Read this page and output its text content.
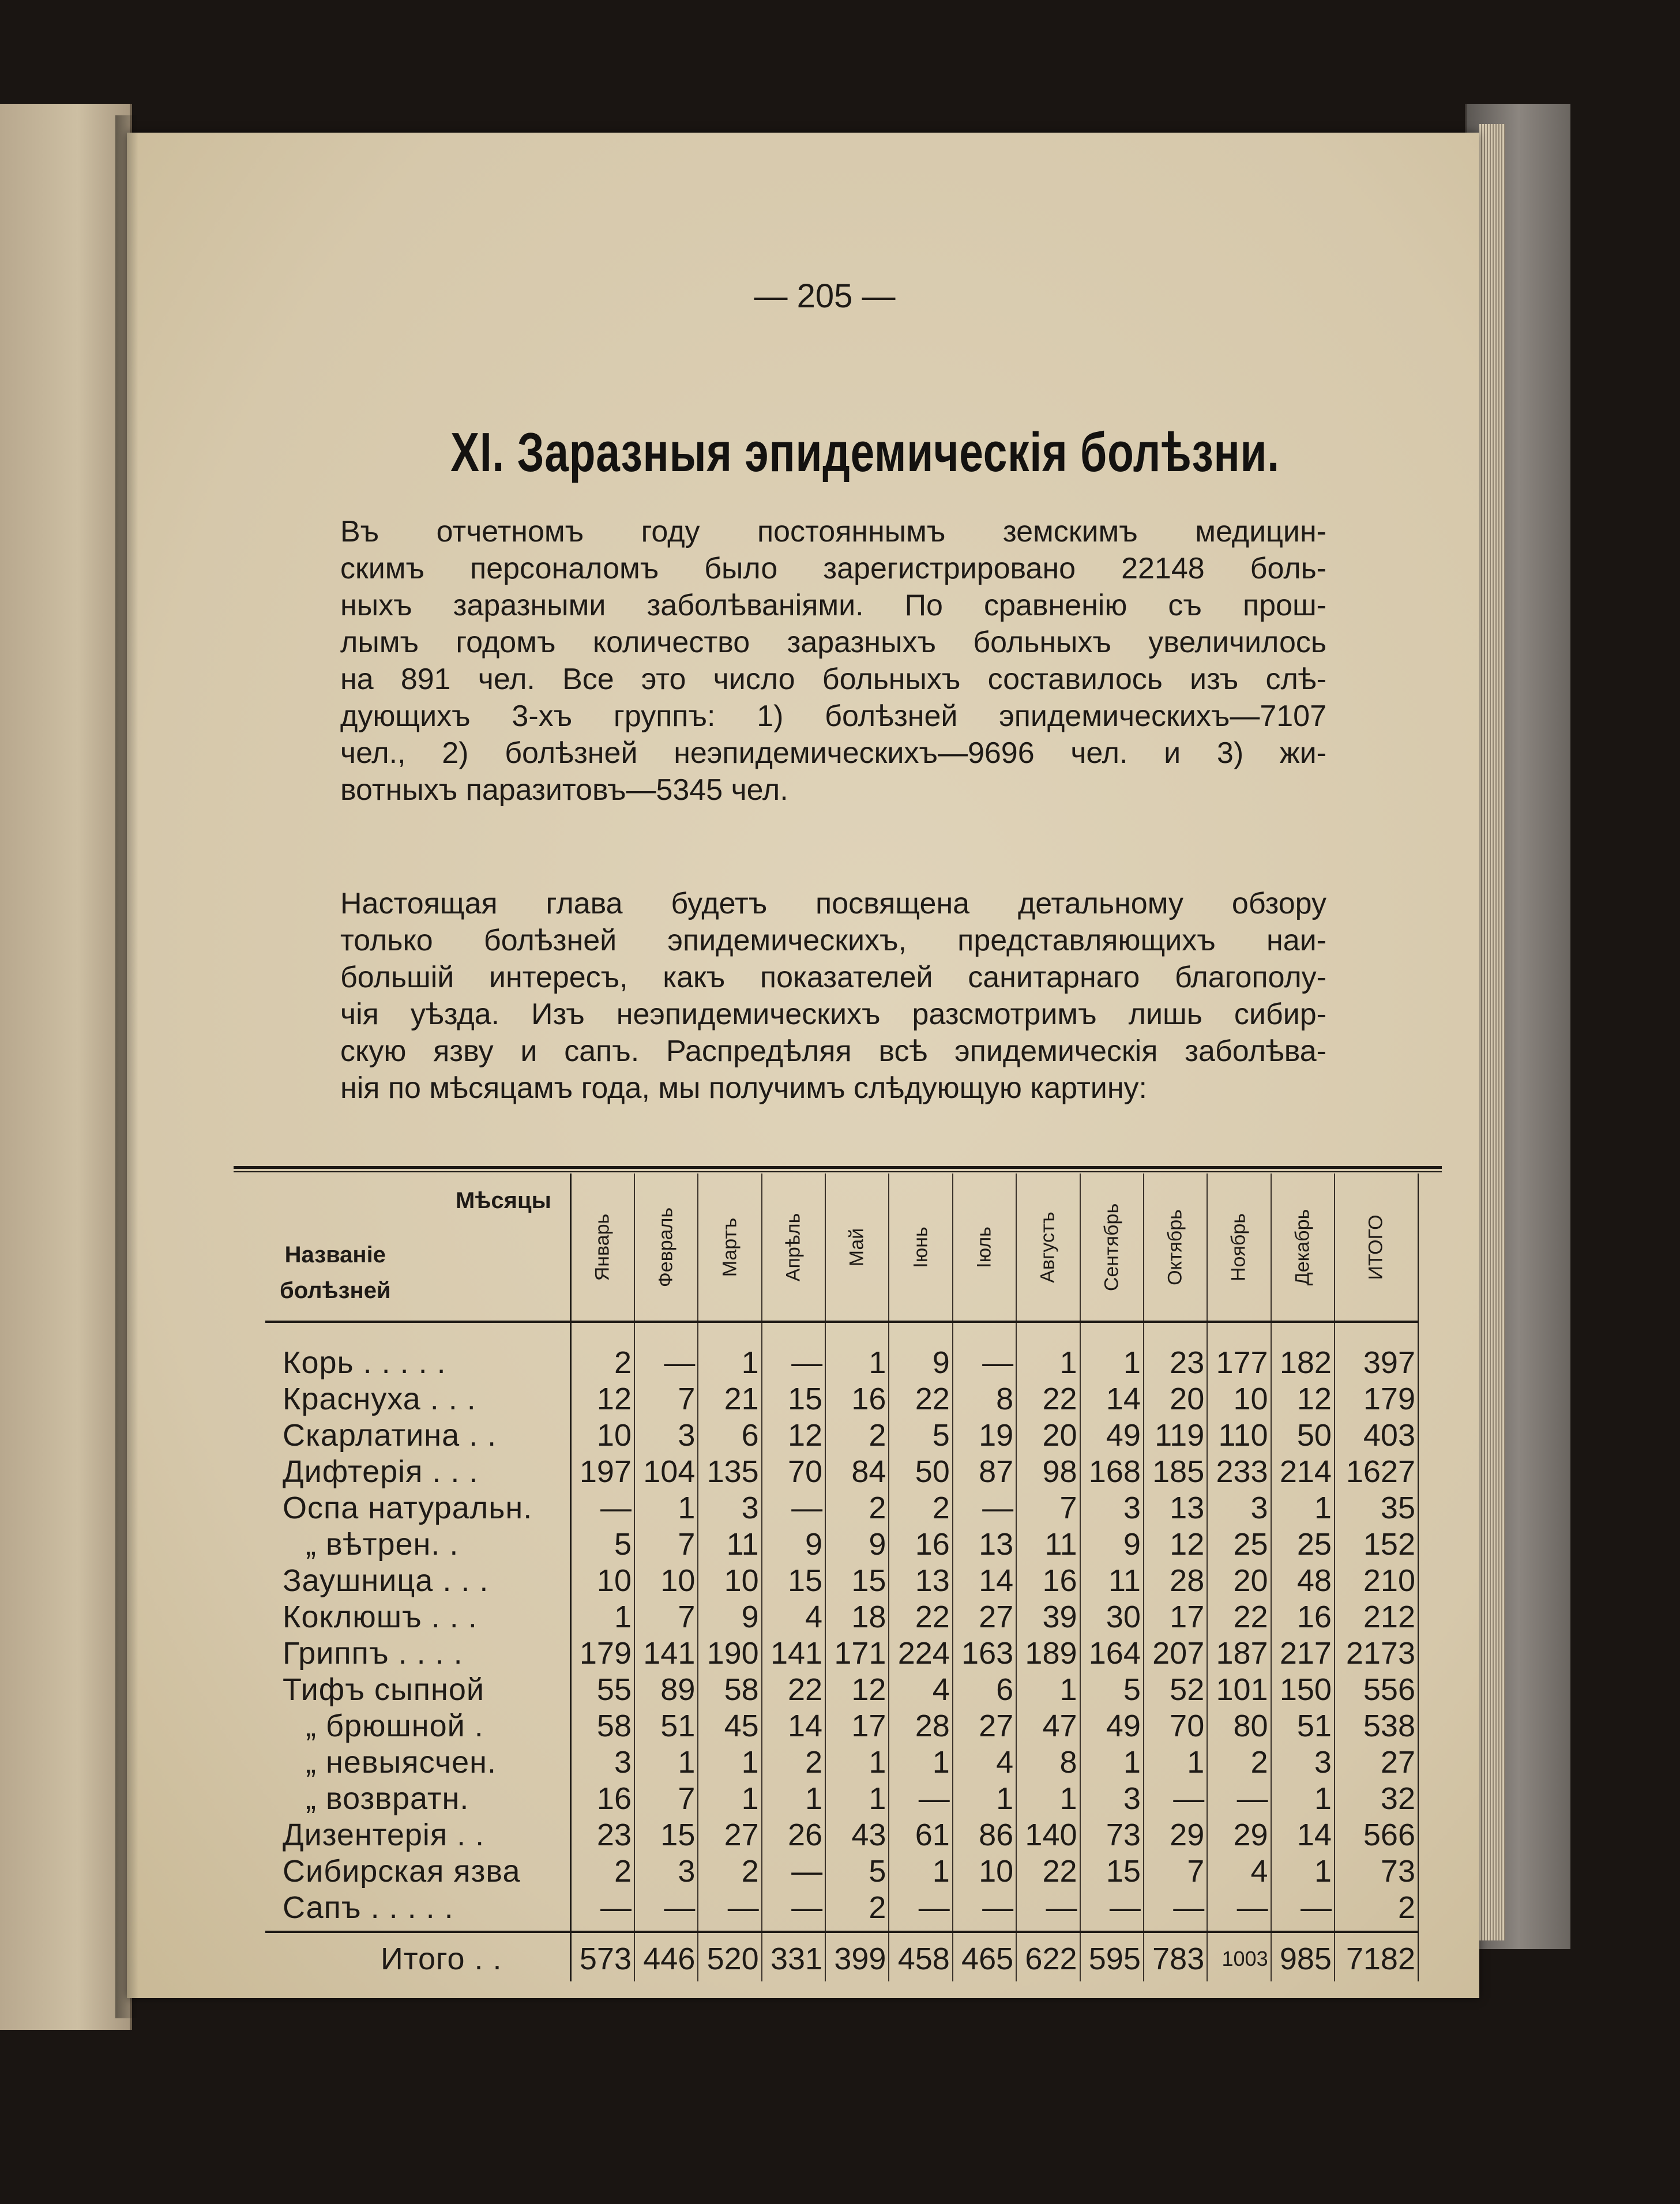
— 205 —
XI. Заразныя эпидемическія болѣзни.
Въ отчетномъ году постояннымъ земскимъ медицин-
скимъ персоналомъ было зарегистрировано 22148 боль-
ныхъ заразными заболѣваніями. По сравненію съ прош-
лымъ годомъ количество заразныхъ больныхъ увеличилось
на 891 чел. Все это число больныхъ составилось изъ слѣ-
дующихъ 3-хъ группъ: 1) болѣзней эпидемическихъ—7107
чел., 2) болѣзней неэпидемическихъ—9696 чел. и 3) жи-
вотныхъ паразитовъ—5345 чел.
Настоящая глава будетъ посвящена детальному обзору
только болѣзней эпидемическихъ, представляющихъ наи-
большій интересъ, какъ показателей санитарнаго благополу-
чія уѣзда. Изъ неэпидемическихъ разсмотримъ лишь сибир-
скую язву и сапъ. Распредѣляя всѣ эпидемическія заболѣва-
нія по мѣсяцамъ года, мы получимъ слѣдующую картину:
Мѣсяцы
Названіе
болѣзней	Январь	Февраль	Мартъ	Апрѣль	Май	Іюнь	Іюль	Августъ	Сентябрь	Октябрь	Ноябрь	Декабрь	ИТОГО

Корь . . . . .	2	—	1	—	1	9	—	1	1	23	177	182	397
Краснуха . . .	12	7	21	15	16	22	8	22	14	20	10	12	179
Скарлатина . .	10	3	6	12	2	5	19	20	49	119	110	50	403
Дифтерія . . .	197	104	135	70	84	50	87	98	168	185	233	214	1627
Оспа натуральн.	—	1	3	—	2	2	—	7	3	13	3	1	35
„ вѣтрен. .	5	7	11	9	9	16	13	11	9	12	25	25	152
Заушница . . .	10	10	10	15	15	13	14	16	11	28	20	48	210
Коклюшъ . . .	1	7	9	4	18	22	27	39	30	17	22	16	212
Гриппъ . . . .	179	141	190	141	171	224	163	189	164	207	187	217	2173
Тифъ сыпной	55	89	58	22	12	4	6	1	5	52	101	150	556
„ брюшной .	58	51	45	14	17	28	27	47	49	70	80	51	538
„ невыясчен.	3	1	1	2	1	1	4	8	1	1	2	3	27
„ возвратн.	16	7	1	1	1	—	1	1	3	—	—	1	32
Дизентерія . .	23	15	27	26	43	61	86	140	73	29	29	14	566
Сибирская язва	2	3	2	—	5	1	10	22	15	7	4	1	73
Сапъ . . . . .	—	—	—	—	2	—	—	—	—	—	—	—	2
Итого . .	573	446	520	331	399	458	465	622	595	783	1003	985	7182
